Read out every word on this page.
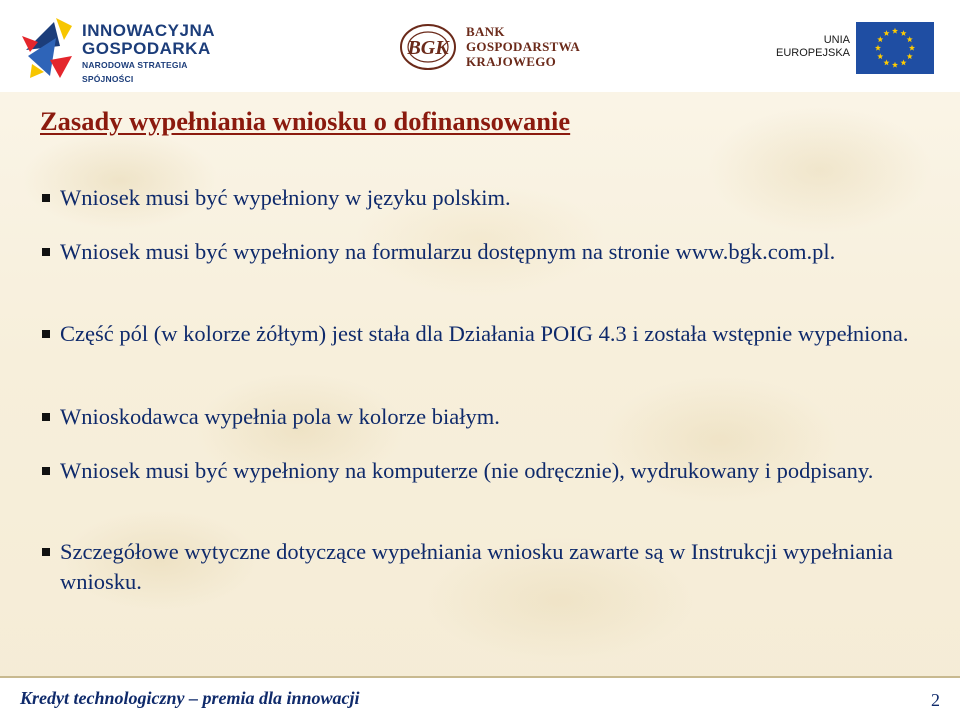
INNOWACYJNA
GOSPODARKA
NARODOWA STRATEGIA SPÓJNOŚCI
BGK
BANK
GOSPODARSTWA
KRAJOWEGO
UNIA
EUROPEJSKA
Zasady wypełniania wniosku o dofinansowanie
Wniosek musi być wypełniony w języku polskim.
Wniosek musi być wypełniony na formularzu dostępnym na stronie www.bgk.com.pl.
Część pól (w kolorze żółtym) jest stała dla Działania POIG 4.3 i została wstępnie wypełniona.
Wnioskodawca wypełnia pola w kolorze białym.
Wniosek musi być wypełniony na komputerze (nie odręcznie), wydrukowany i podpisany.
Szczegółowe wytyczne dotyczące wypełniania wniosku zawarte są w Instrukcji wypełniania wniosku.
Kredyt technologiczny – premia dla innowacji	2
